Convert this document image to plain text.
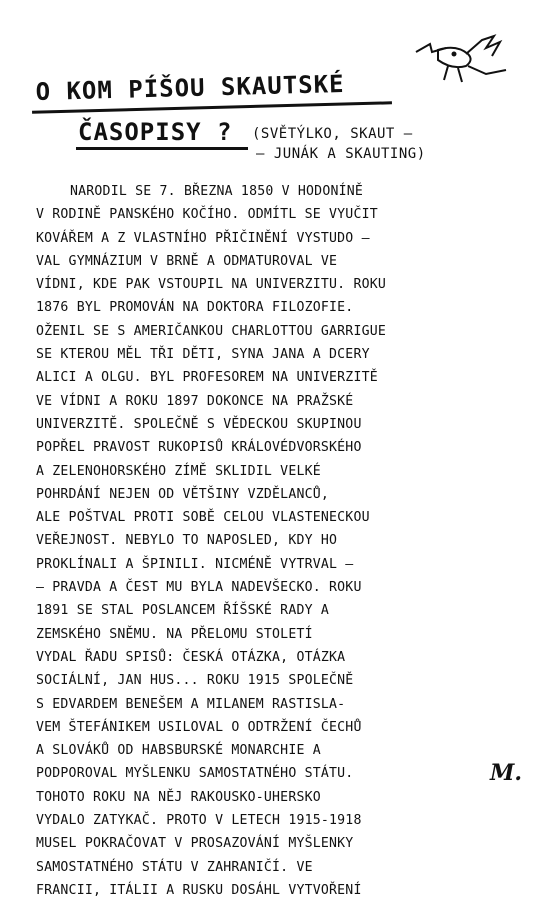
O KOM PÍŠOU SKAUTSKÉ
ČASOPISY ? (SVĚTÝLKO, SKAUT –
– JUNÁK A SKAUTING)
NARODIL SE 7. BŘEZNA 1850 V HODONÍNĚ
V RODINĚ PANSKÉHO KOČÍHO. ODMÍTL SE VYUČIT
KOVÁŘEM A Z VLASTNÍHO PŘIČINĚNÍ VYSTUDO –
VAL GYMNÁZIUM V BRNĚ A ODMATUROVAL VE
VÍDNI, KDE PAK VSTOUPIL NA UNIVERZITU. ROKU
1876 BYL PROMOVÁN NA DOKTORA FILOZOFIE.
OŽENIL SE S AMERIČANKOU CHARLOTTOU GARRIGUE
SE KTEROU MĚL TŘI DĚTI, SYNA JANA A DCERY
ALICI A OLGU. BYL PROFESOREM NA UNIVERZITĚ
VE VÍDNI A ROKU 1897 DOKONCE NA PRAŽSKÉ
UNIVERZITĚ. SPOLEČNĚ S VĚDECKOU SKUPINOU
POPŘEL PRAVOST RUKOPISŮ KRÁLOVÉDVORSKÉHO
A ZELENOHORSKÉHO ZÍMĚ SKLIDIL VELKÉ
POHRDÁNÍ NEJEN OD VĚTŠINY VZDĚLANCŮ,
ALE POŠTVAL PROTI SOBĚ CELOU VLASTENECKOU
VEŘEJNOST. NEBYLO TO NAPOSLED, KDY HO
PROKLÍNALI A ŠPINILI. NICMÉNĚ VYTRVAL –
– PRAVDA A ČEST MU BYLA NADEVŠECKO. ROKU
1891 SE STAL POSLANCEM ŘÍŠSKÉ RADY A
ZEMSKÉHO SNĚMU. NA PŘELOMU STOLETÍ
VYDAL ŘADU SPISŮ: ČESKÁ OTÁZKA, OTÁZKA
SOCIÁLNÍ, JAN HUS... ROKU 1915 SPOLEČNĚ
S EDVARDEM BENEŠEM A MILANEM RASTISLA-
VEM ŠTEFÁNIKEM USILOVAL O ODTRŽENÍ ČECHŮ
A SLOVÁKŮ OD HABSBURSKÉ MONARCHIE A
PODPOROVAL MYŠLENKU SAMOSTATNÉHO STÁTU.
TOHOTO ROKU NA NĚJ RAKOUSKO-UHERSKO
VYDALO ZATYKAČ. PROTO V LETECH 1915-1918
MUSEL POKRAČOVAT V PROSAZOVÁNÍ MYŠLENKY
SAMOSTATNÉHO STÁTU V ZAHRANIČÍ. VE
FRANCII, ITÁLII A RUSKU DOSÁHL VYTVOŘENÍ
M.
